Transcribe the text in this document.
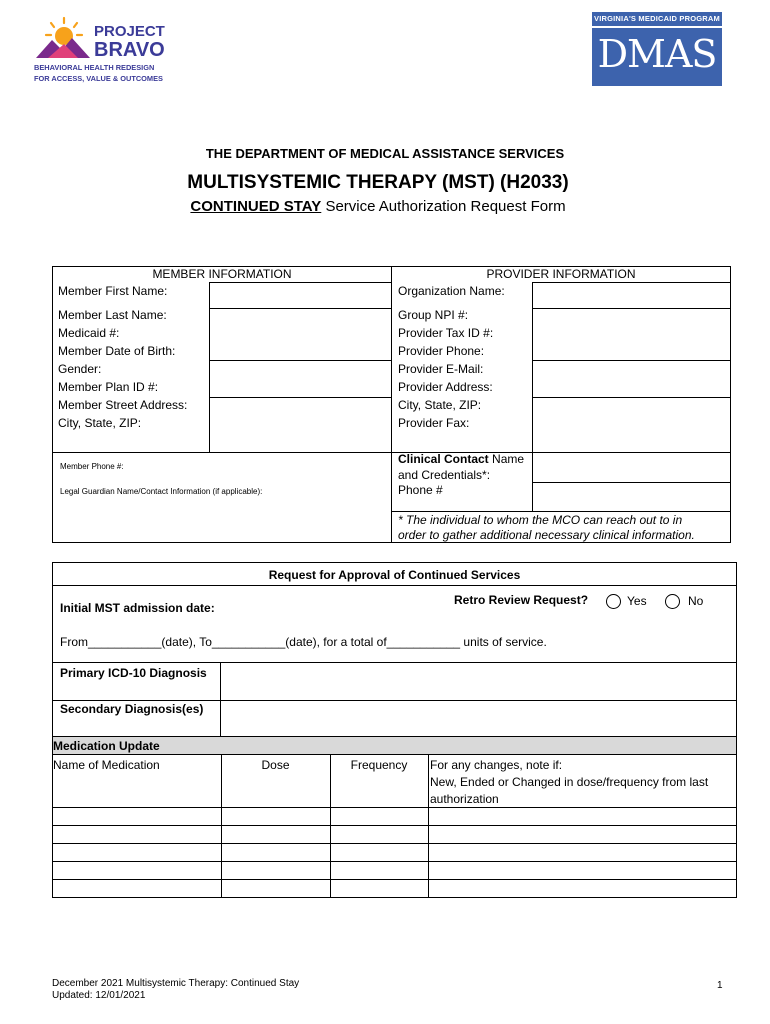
PROJECT
BRAVO
BEHAVIORAL HEALTH REDESIGN
FOR ACCESS, VALUE & OUTCOMES
VIRGINIA'S MEDICAID PROGRAM
DMAS
THE DEPARTMENT OF MEDICAL ASSISTANCE SERVICES
MULTISYSTEMIC THERAPY (MST) (H2033)
CONTINUED STAY Service Authorization Request Form
MEMBER INFORMATION
Member First Name:
Member Last Name:
Medicaid #:
Member Date of Birth:
Gender:
Member Plan ID #:
Member Street Address:
City, State, ZIP:
Member Phone #:
Legal Guardian Name/Contact Information (if applicable):
PROVIDER INFORMATION
Organization Name:
Group NPI #:
Provider Tax ID #:
Provider Phone:
Provider E-Mail:
Provider Address:
City, State, ZIP:
Provider Fax:
Clinical Contact Name
and Credentials*:
Phone #
* The individual to whom the MCO can reach out to in
order to gather additional necessary clinical information.
Request for Approval of Continued Services
Initial MST admission date:
Retro Review Request?	Yes	No
From___________(date), To___________(date), for a total of___________ units of service.
Primary ICD-10 Diagnosis
Secondary Diagnosis(es)
Medication Update
Name of Medication	Dose	Frequency	For any changes, note if:
New, Ended or Changed in dose/frequency from last
authorization
December 2021 Multisystemic Therapy: Continued Stay
Updated: 12/01/2021
1
